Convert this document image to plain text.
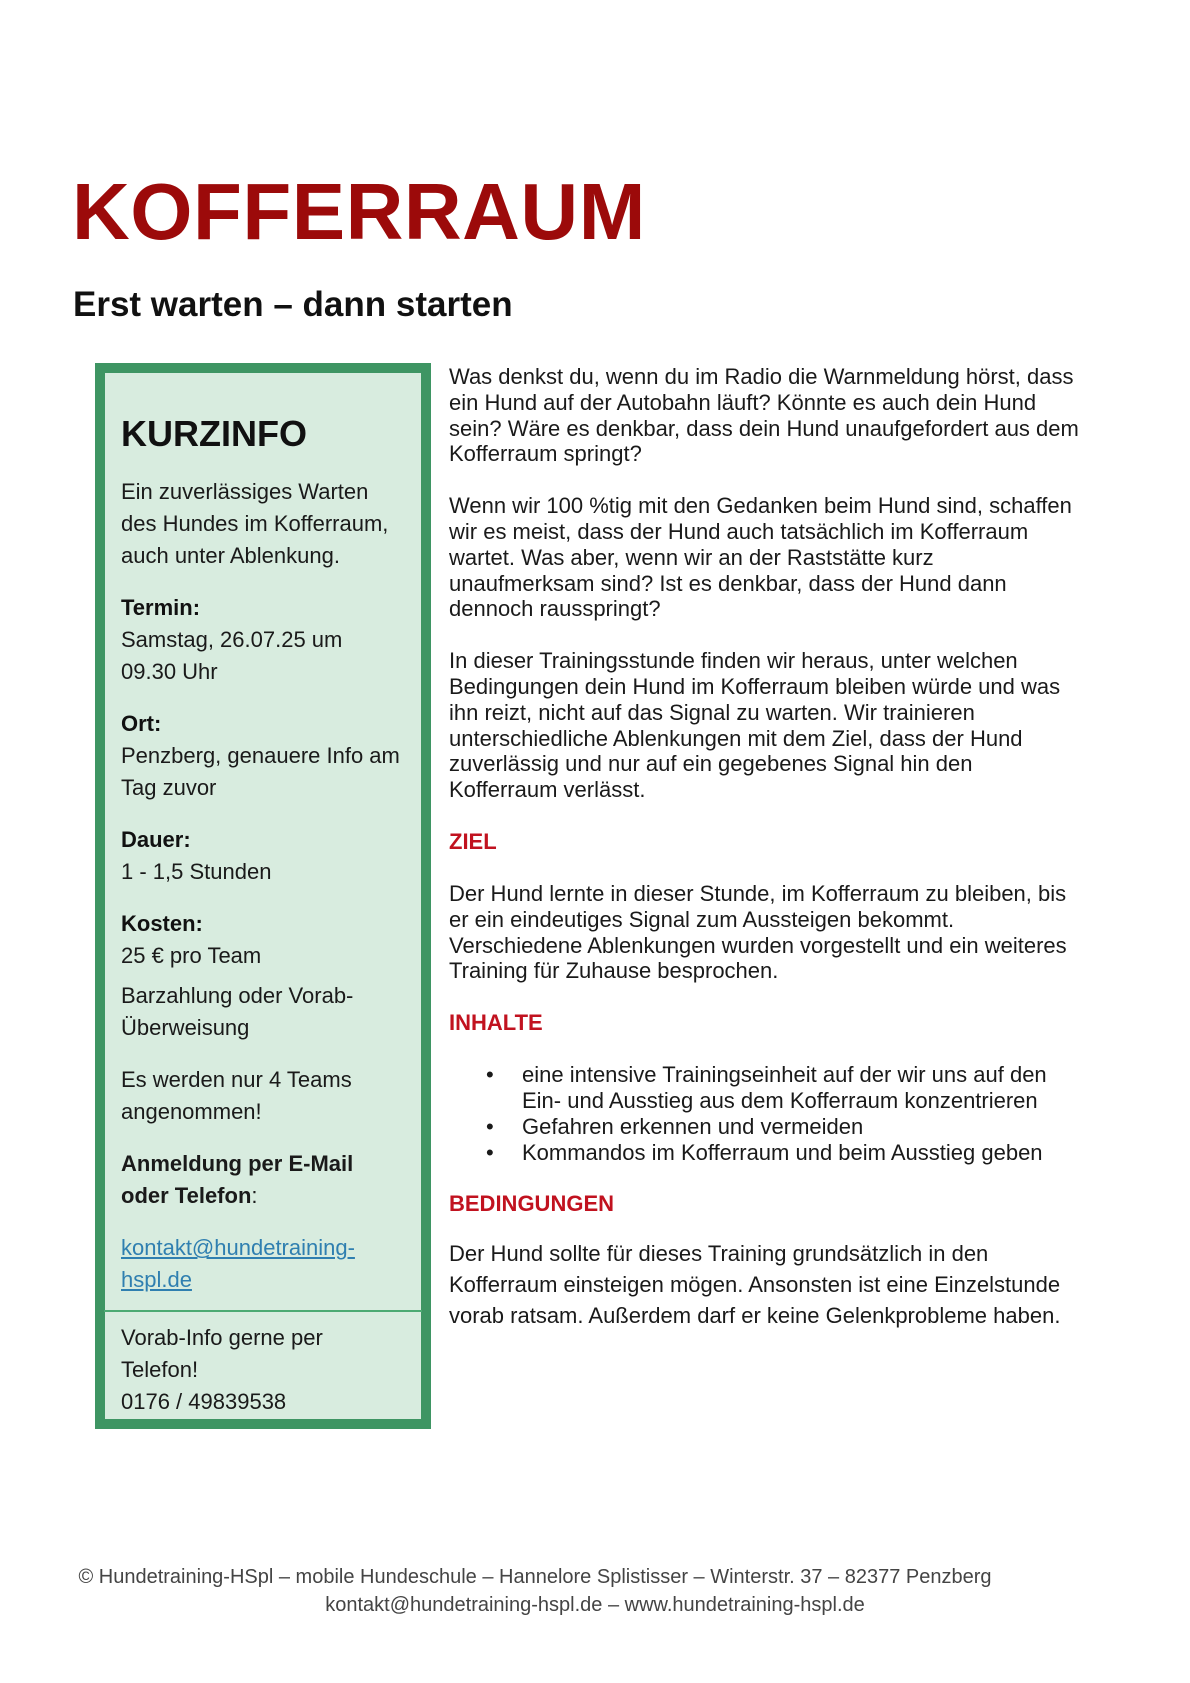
KOFFERRAUM
Erst warten – dann starten
KURZINFO

Ein zuverlässiges Warten
des Hundes im Kofferraum,
auch unter Ablenkung.

Termin:

Samstag, 26.07.25 um
09.30 Uhr

Ort:

Penzberg, genauere Info am
Tag zuvor

Dauer:

1 - 1,5 Stunden

Kosten:

25 € pro Team

Barzahlung oder Vorab-
Überweisung

Es werden nur 4 Teams
angenommen!

Anmeldung per E-Mail
oder Telefon:

kontakt@hundetraining-
hspl.de

Vorab-Info gerne per
Telefon!
0176 / 49839538

Was denkst du, wenn du im Radio die Warnmeldung hörst, dass
ein Hund auf der Autobahn läuft? Könnte es auch dein Hund
sein? Wäre es denkbar, dass dein Hund unaufgefordert aus dem
Kofferraum springt?

Wenn wir 100 %tig mit den Gedanken beim Hund sind, schaffen
wir es meist, dass der Hund auch tatsächlich im Kofferraum
wartet. Was aber, wenn wir an der Raststätte kurz
unaufmerksam sind? Ist es denkbar, dass der Hund dann
dennoch rausspringt?

In dieser Trainingsstunde finden wir heraus, unter welchen
Bedingungen dein Hund im Kofferraum bleiben würde und was
ihn reizt, nicht auf das Signal zu warten. Wir trainieren
unterschiedliche Ablenkungen mit dem Ziel, dass der Hund
zuverlässig und nur auf ein gegebenes Signal hin den
Kofferraum verlässt.

ZIEL

Der Hund lernte in dieser Stunde, im Kofferraum zu bleiben, bis
er ein eindeutiges Signal zum Aussteigen bekommt.
Verschiedene Ablenkungen wurden vorgestellt und ein weiteres
Training für Zuhause besprochen.

INHALTE
• eine intensive Trainingseinheit auf der wir uns auf den
Ein- und Ausstieg aus dem Kofferraum konzentrieren
• Gefahren erkennen und vermeiden
• Kommandos im Kofferraum und beim Ausstieg geben
BEDINGUNGEN

Der Hund sollte für dieses Training grundsätzlich in den
Kofferraum einsteigen mögen. Ansonsten ist eine Einzelstunde
vorab ratsam. Außerdem darf er keine Gelenkprobleme haben.

© Hundetraining-HSpl – mobile Hundeschule – Hannelore Splistisser – Winterstr. 37 – 82377 Penzberg
kontakt@hundetraining-hspl.de – www.hundetraining-hspl.de
